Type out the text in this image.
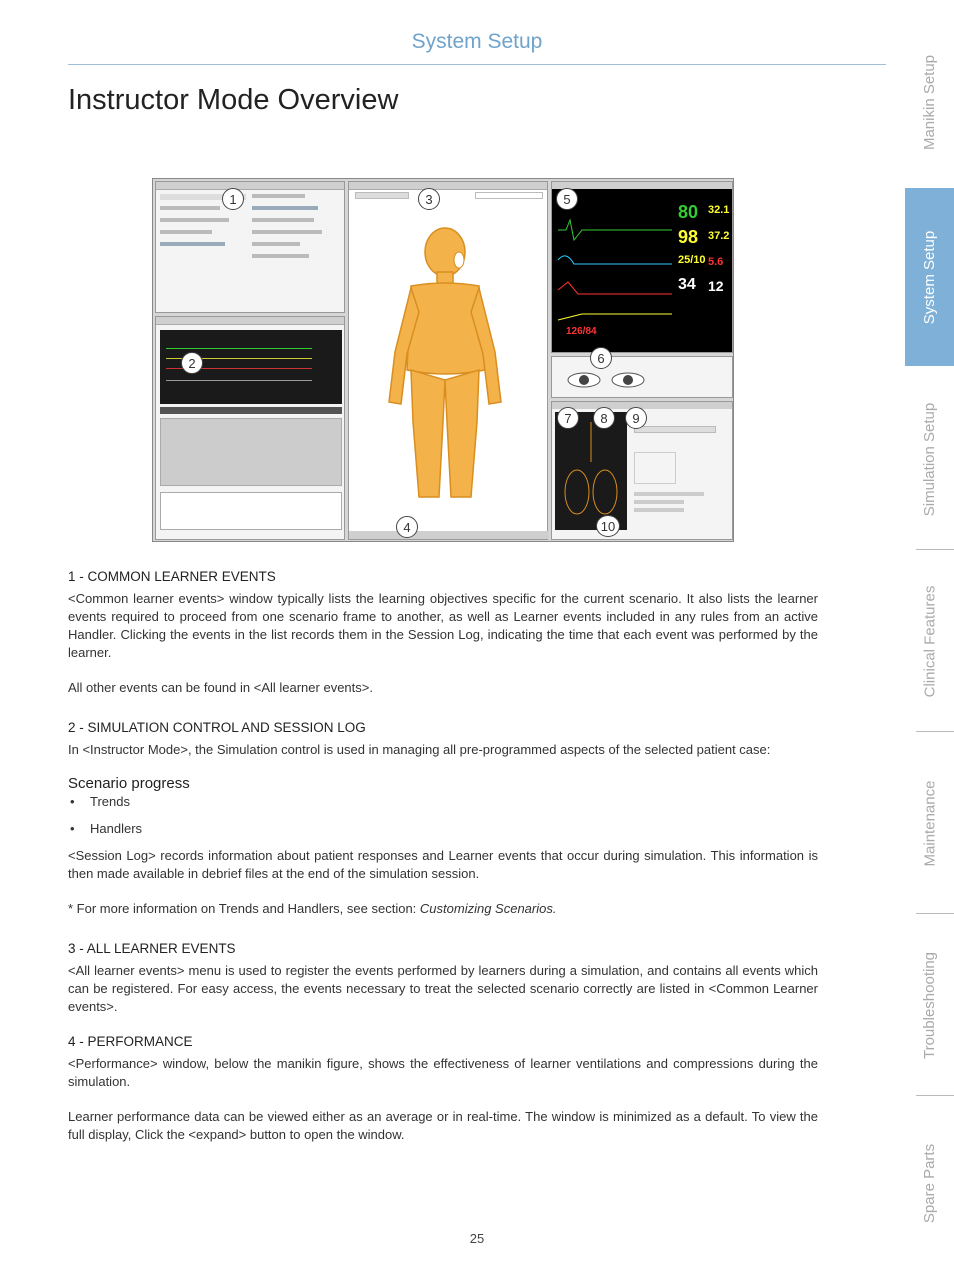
System Setup
Instructor Mode Overview	Manikin Setup
System Setup
Simulation Setup
Clinical Features
Maintenance
Troubleshooting
Spare Parts
80
98
25/10
34
32.1
37.2
5.6
12
126/84
1
2
3
4
5
6
7	8	9
10
1 - COMMON LEARNER EVENTS

<Common learner events> window typically lists the learning objectives specific for the current scenario. It also lists the learner events required to proceed from one scenario frame to another, as well as Learner events included in any rules from an active Handler. Clicking the events in the list records them in the Session Log, indicating the time that each event was performed by the learner.

All other events can be found in <All learner events>.

2 - SIMULATION CONTROL AND SESSION LOG

In <Instructor Mode>, the Simulation control is used in managing all pre-programmed aspects of the selected patient case:

Scenario progress
• Trends
• Handlers

<Session Log> records information about patient responses and Learner events that occur during simulation. This information is then made available in debrief files at the end of the simulation session.

* For more information on Trends and Handlers, see section: Customizing Scenarios.

3 - ALL LEARNER EVENTS

<All learner events> menu is used to register the events performed by learners during a simulation, and contains all events which can be registered. For easy access, the events necessary to treat the selected scenario correctly are listed in <Common Learner events>.

4 - PERFORMANCE

<Performance> window, below the manikin figure, shows the effectiveness of learner ventilations and compressions during the simulation.

Learner performance data can be viewed either as an average or in real-time. The window is minimized as a default. To view the full display, Click the <expand> button to open the window.

25
